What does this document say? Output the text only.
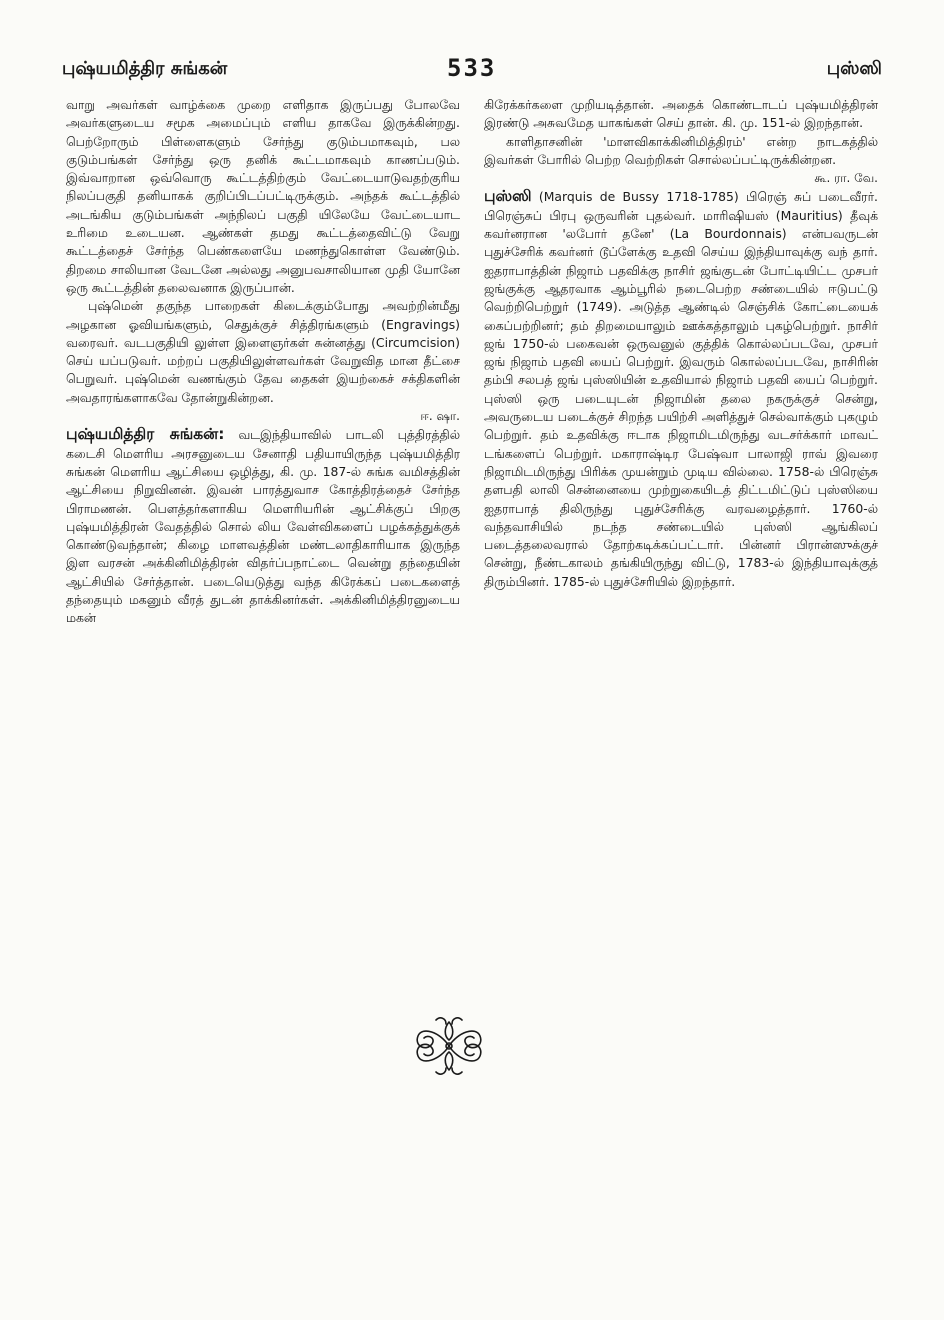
புஷ்யமித்திர சுங்கன்	533	புஸ்ஸி

வாறு அவர்கள் வாழ்க்கை முறை எளிதாக இருப்பது போலவே அவர்களுடைய சமூக அமைப்பும் எளிய தாகவே இருக்கின்றது. பெற்றோரும் பிள்ளைகளும் சேர்ந்து குடும்பமாகவும், பல குடும்பங்கள் சேர்ந்து ஒரு தனிக் கூட்டமாகவும் காணப்படும். இவ்வாறான ஒவ்வொரு கூட்டத்திற்கும் வேட்டையாடுவதற்குரிய நிலப்பகுதி தனியாகக் குறிப்பிடப்பட்டிருக்கும். அந்தக் கூட்டத்தில் அடங்கிய குடும்பங்கள் அந்நிலப் பகுதி யிலேயே வேட்டையாட உரிமை உடையன. ஆண்கள் தமது கூட்டத்தைவிட்டு வேறு கூட்டத்தைச் சேர்ந்த பெண்களையே மணந்துகொள்ள வேண்டும். திறமை சாலியான வேடனே அல்லது அனுபவசாலியான முதி யோனே ஒரு கூட்டத்தின் தலைவனாக இருப்பான்.

புஷ்மென் தகுந்த பாறைகள் கிடைக்கும்போது அவற்றின்மீது அழகான ஓவியங்களும், செதுக்குச் சித்திரங்களும் (Engravings) வரைவர். வடபகுதியி லுள்ள இளைஞர்கள் சுன்னத்து (Circumcision) செய் யப்படுவர். மற்றப் பகுதியிலுள்ளவர்கள் வேறுவித மான தீட்சை பெறுவர். புஷ்மென் வணங்கும் தேவ தைகள் இயற்கைச் சக்திகளின் அவதாரங்களாகவே தோன்றுகின்றன.

ஈ. ஷா.

புஷ்யமித்திர சுங்கன்: வடஇந்தியாவில் பாடலி புத்திரத்தில் கடைசி மௌரிய அரசனுடைய சேனாதி பதியாயிருந்த புஷ்யமித்திர சுங்கன் மௌரிய ஆட்சியை ஒழித்து, கி. மு. 187-ல் சுங்க வமிசத்தின் ஆட்சியை நிறுவினன். இவன் பாரத்துவாச கோத்திரத்தைச் சேர்ந்த பிராமணன். பௌத்தர்களாகிய மௌரியரின் ஆட்சிக்குப் பிறகு புஷ்யமித்திரன் வேதத்தில் சொல் லிய வேள்விகளைப் பழக்கத்துக்குக் கொண்டுவந்தான்; கிழை மாளவத்தின் மண்டலாதிகாரியாக இருந்த இள வரசன் அக்கினிமித்திரன் விதர்ப்பநாட்டை வென்று தந்தையின் ஆட்சியில் சேர்த்தான். படையெடுத்து வந்த கிரேக்கப் படைகளைத் தந்தையும் மகனும் வீரத் துடன் தாக்கினர்கள். அக்கினிமித்திரனுடைய மகன்

கிரேக்கர்களை முறியடித்தான். அதைக் கொண்டாடப் புஷ்யமித்திரன் இரண்டு அசுவமேத யாகங்கள் செய் தான். கி. மு. 151-ல் இறந்தான்.

காளிதாசனின் 'மாளவிகாக்கினிமித்திரம்' என்ற நாடகத்தில் இவர்கள் போரில் பெற்ற வெற்றிகள் சொல்லப்பட்டிருக்கின்றன.

கூ. ரா. வே.

புஸ்ஸி (Marquis de Bussy 1718-1785) பிரெஞ் சுப் படைவீரர். பிரெஞ்சுப் பிரபு ஒருவரின் புதல்வர். மாரிஷியஸ் (Mauritius) தீவுக் கவர்னரான 'லபோர் தனே' (La Bourdonnais) என்பவருடன் புதுச்சேரிக் கவர்னர் டூப்ளேக்கு உதவி செய்ய இந்தியாவுக்கு வந் தார். ஐதராபாத்தின் நிஜாம் பதவிக்கு நாசிர் ஜங்குடன் போட்டியிட்ட முசபர் ஜங்குக்கு ஆதரவாக ஆம்பூரில் நடைபெற்ற சண்டையில் ஈடுபட்டு வெற்றிபெற்றுர் (1749). அடுத்த ஆண்டில் செஞ்சிக் கோட்டையைக் கைப்பற்றினர்; தம் திறமையாலும் ஊக்கத்தாலும் புகழ்பெற்றுர். நாசிர் ஜங் 1750-ல் பகைவன் ஒருவனுல் குத்திக் கொல்லப்படவே, முசபர் ஜங் நிஜாம் பதவி யைப் பெற்றுர். இவரும் கொல்லப்படவே, நாசிரின் தம்பி சலபத் ஜங் புஸ்ஸியின் உதவியால் நிஜாம் பதவி யைப் பெற்றுர். புஸ்ஸி ஒரு படையுடன் நிஜாமின் தலை நகருக்குச் சென்று, அவருடைய படைக்குச் சிறந்த பயிற்சி அளித்துச் செல்வாக்கும் புகழும் பெற்றுர். தம் உதவிக்கு ஈடாக நிஜாமிடமிருந்து வடசர்க்கார் மாவட் டங்களைப் பெற்றுர். மகாராஷ்டிர பேஷ்வா பாலாஜி ராவ் இவரை நிஜாமிடமிருந்து பிரிக்க முயன்றும் முடிய வில்லை. 1758-ல் பிரெஞ்சு தளபதி லாலி சென்னையை முற்றுகையிடத் திட்டமிட்டுப் புஸ்ஸியை ஐதராபாத் திலிருந்து புதுச்சேரிக்கு வரவழைத்தார். 1760-ல் வந்தவாசியில் நடந்த சண்டையில் புஸ்ஸி ஆங்கிலப் படைத்தலைவரால் தோற்கடிக்கப்பட்டார். பின்னர் பிரான்ஸுக்குச் சென்று, நீண்டகாலம் தங்கியிருந்து விட்டு, 1783-ல் இந்தியாவுக்குத் திரும்பினர். 1785-ல் புதுச்சேரியில் இறந்தார்.
